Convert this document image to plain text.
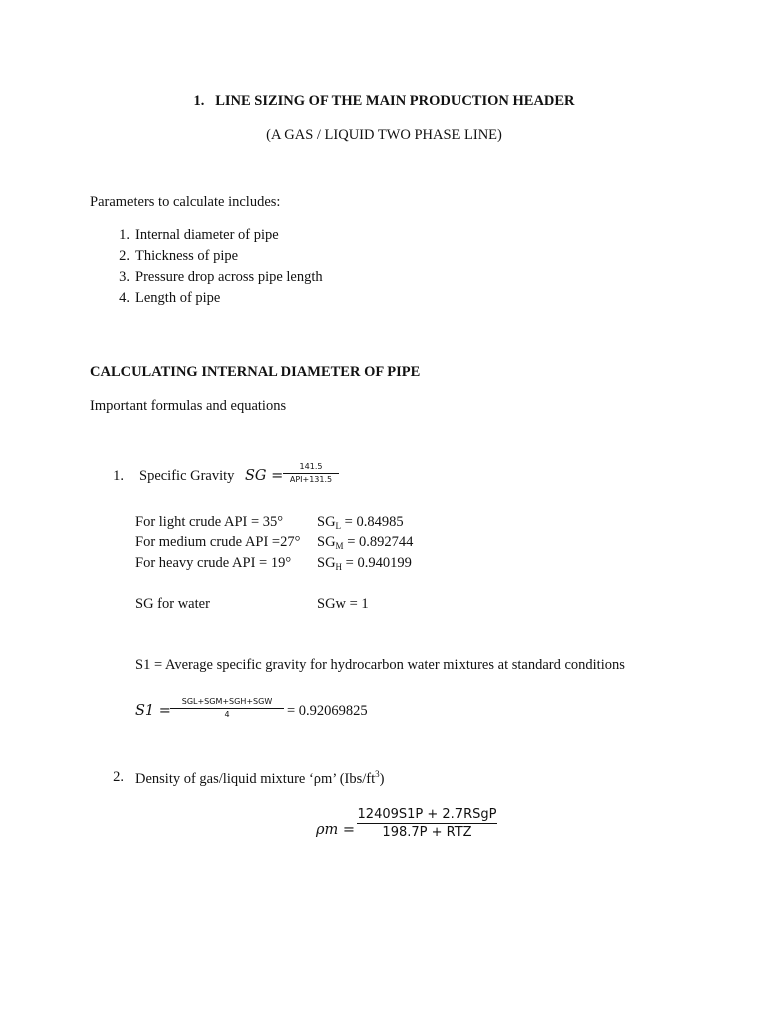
1. LINE SIZING OF THE MAIN PRODUCTION HEADER
(A GAS / LIQUID TWO PHASE LINE)
Parameters to calculate includes:
1. Internal diameter of pipe
2. Thickness of pipe
3. Pressure drop across pipe length
4. Length of pipe
CALCULATING INTERNAL DIAMETER OF PIPE
Important formulas and equations
1. Specific Gravity SG =
141.5
API+131.5
For light crude API = 35° $SG_L = 0.84985$
For medium crude API =27° $SG_M = 0.892744$
For heavy crude API = 19° $SG_H = 0.940199$
SG for water	SGw = 1
S1 = Average specific gravity for hydrocarbon water mixtures at standard conditions
S1 =
SGL+SGM+SGH+SGW
4	= 0.92069825
2. Density of gas/liquid mixture ‘ρm’ $(Ibs/ft^3)$
ρm =
12409S1P + 2.7RSgP
198.7P + RTZ
